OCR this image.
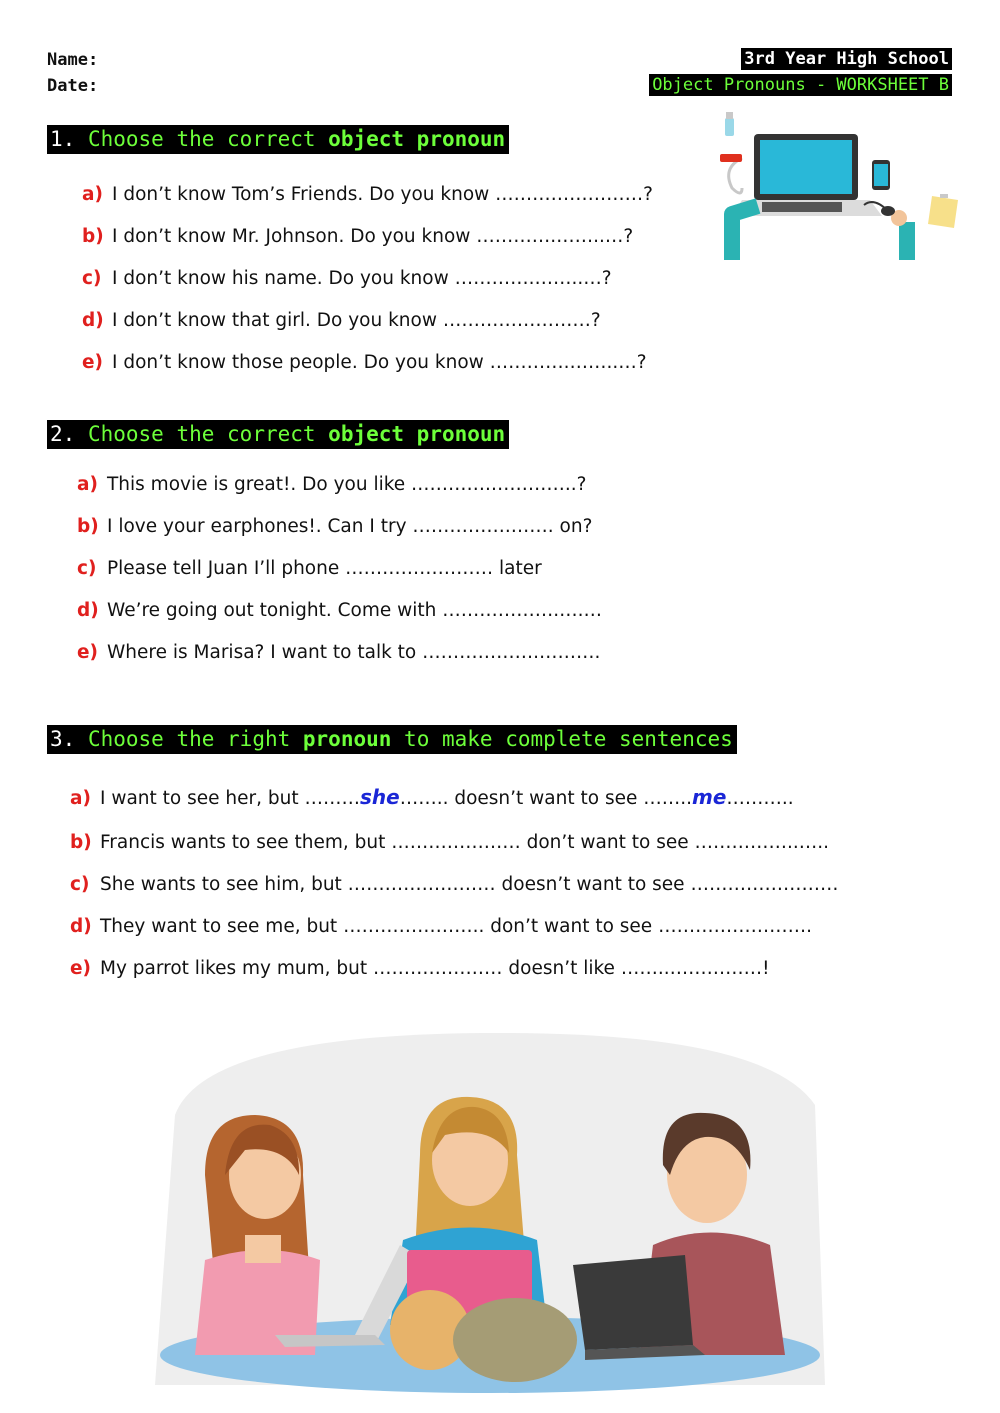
Name:
Date:
3rd Year High School
Object Pronouns - WORKSHEET B
1. Choose the correct object pronoun
a) I don’t know Tom’s Friends. Do you know ……………………?
b) I don’t know Mr. Johnson. Do you know ………….……..…?
c) I don’t know his name. Do you know ………….……..…?
d) I don’t know that girl. Do you know ……………………?
e) I don’t know those people. Do you know ………….……..…?
2. Choose the correct object pronoun
a) This movie is great!. Do you like ………….…………..?
b) I love your earphones!. Can I try …………….……. on?
c) Please tell Juan I’ll phone …………………… later
d) We’re going out tonight. Come with ……………….….…
e) Where is Marisa? I want to talk to ……………….……….
3. Choose the right pronoun to make complete sentences
a) I want to see her, but ………she…….. doesn’t want to see ……..me………..
b) Francis wants to see them, but ………………… don’t want to see ……………..…..
c) She wants to see him, but …………………… doesn’t want to see ……………………
d) They want to see me, but ………………….. don’t want to see …………………….
e) My parrot likes my mum, but ………………… doesn’t like ……..……………!
